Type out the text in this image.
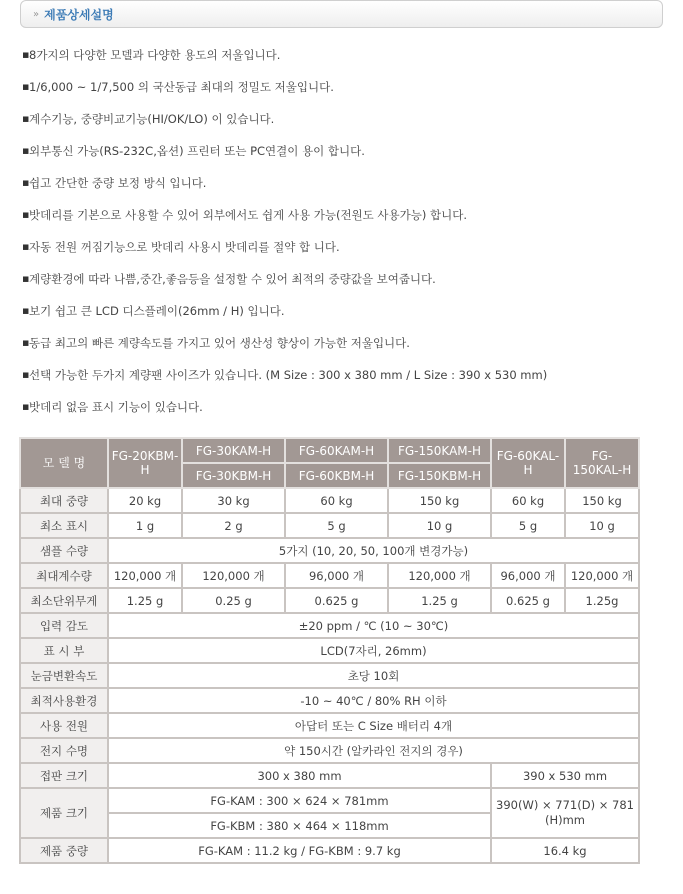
» 제품상세설명
▪ 8가지의 다양한 모델과 다양한 용도의 저울입니다.
▪ 1/6,000 ~ 1/7,500 의 국산동급 최대의 정밀도 저울입니다.
▪ 계수기능, 중량비교기능(HI/OK/LO) 이 있습니다.
▪ 외부통신 가능(RS-232C,옵션) 프린터 또는 PC연결이 용이 합니다.
▪ 쉽고 간단한 중량 보정 방식 입니다.
▪ 밧데리를 기본으로 사용할 수 있어 외부에서도 쉽게 사용 가능(전원도 사용가능) 합니다.
▪ 자동 전원 꺼짐기능으로 밧데리 사용시 밧데리를 절약 합 니다.
▪ 계량환경에 따라 나쁨,중간,좋음등을 설정할 수 있어 최적의 중량값을 보여줍니다.
▪ 보기 쉽고 큰 LCD 디스플레이(26mm / H) 입니다.
▪ 동급 최고의 빠른 계량속도를 가지고 있어 생산성 향상이 가능한 저울입니다.
▪ 선택 가능한 두가지 계량팬 사이즈가 있습니다. (M Size : 300 x 380 mm / L Size : 390 x 530 mm)
▪ 밧데리 없음 표시 기능이 있습니다.
모 델 명	FG-20KBM-H	FG-30KAM-H	FG-60KAM-H	FG-150KAM-H	FG-60KAL-H	FG-150KAL-H
		FG-30KBM-H	FG-60KBM-H	FG-150KBM-H		
최대 중량	20 kg	30 kg	60 kg	150 kg	60 kg	150 kg
최소 표시	1 g	2 g	5 g	10 g	5 g	10 g
샘플 수량	5가지 (10, 20, 50, 100개 변경가능)					
최대계수량	120,000 개	120,000 개	96,000 개	120,000 개	96,000 개	120,000 개
최소단위무게	1.25 g	0.25 g	0.625 g	1.25 g	0.625 g	1.25g
입력 감도	±20 ppm / ℃ (10 ~ 30℃)					
표 시 부	LCD(7자리, 26mm)					
눈금변환속도	초당 10회					
최적사용환경	-10 ~ 40℃ / 80% RH 이하					
사용 전원	아답터 또는 C Size 배터리 4개					
전지 수명	약 150시간 (알카라인 전지의 경우)					
접판 크기	300 x 380 mm				390 x 530 mm	
제품 크기	FG-KAM : 300 × 624 × 781mm				390(W) × 771(D) × 781 (H)mm	
	FG-KBM : 380 × 464 × 118mm					
제품 중량	FG-KAM : 11.2 kg / FG-KBM : 9.7 kg				16.4 kg	
